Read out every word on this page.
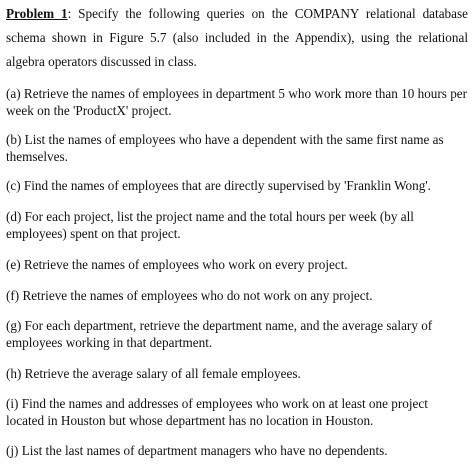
Problem 1: Specify the following queries on the COMPANY relational database schema shown in Figure 5.7 (also included in the Appendix), using the relational algebra operators discussed in class.

(a) Retrieve the names of employees in department 5 who work more than 10 hours per week on the 'ProductX' project.

(b) List the names of employees who have a dependent with the same first name as themselves.

(c) Find the names of employees that are directly supervised by 'Franklin Wong'.

(d) For each project, list the project name and the total hours per week (by all employees) spent on that project.

(e) Retrieve the names of employees who work on every project.

(f) Retrieve the names of employees who do not work on any project.

(g) For each department, retrieve the department name, and the average salary of employees working in that department.

(h) Retrieve the average salary of all female employees.

(i) Find the names and addresses of employees who work on at least one project located in Houston but whose department has no location in Houston.

(j) List the last names of department managers who have no dependents.
